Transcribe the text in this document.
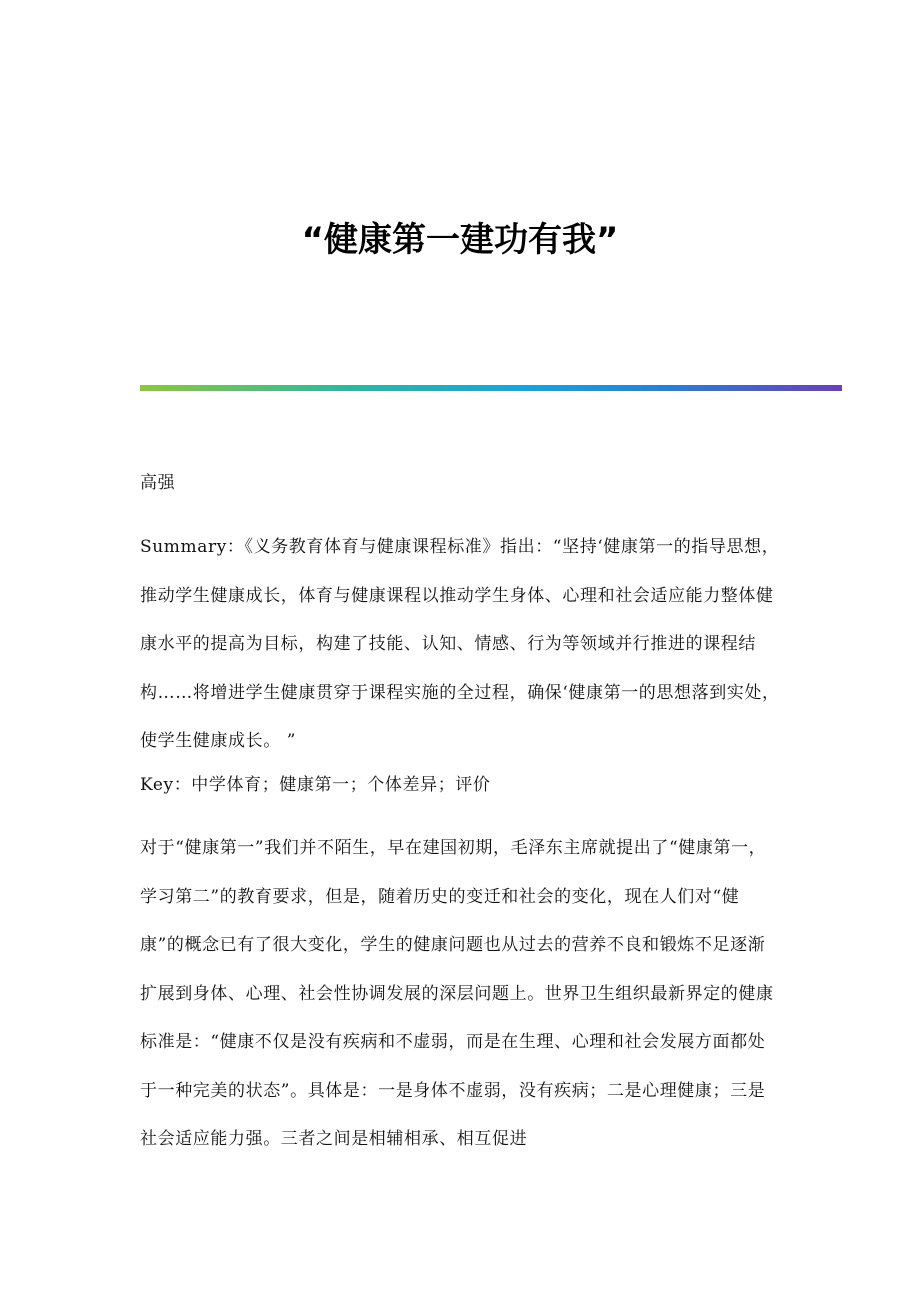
“健康第一建功有我”

高强

Summary：《义务教育体育与健康课程标准》指出：“坚持‘健康第一的指导思想，推动学生健康成长，体育与健康课程以推动学生身体、心理和社会适应能力整体健康水平的提高为目标，构建了技能、认知、情感、行为等领域并行推进的课程结构……将增进学生健康贯穿于课程实施的全过程，确保‘健康第一的思想落到实处，使学生健康成长。 ”

Key：中学体育；健康第一；个体差异；评价

对于“健康第一”我们并不陌生，早在建国初期，毛泽东主席就提出了“健康第一，学习第二”的教育要求，但是，随着历史的变迁和社会的变化，现在人们对“健康”的概念已有了很大变化，学生的健康问题也从过去的营养不良和锻炼不足逐渐扩展到身体、心理、社会性协调发展的深层问题上。世界卫生组织最新界定的健康标准是：“健康不仅是没有疾病和不虚弱，而是在生理、心理和社会发展方面都处于一种完美的状态”。具体是：一是身体不虚弱，没有疾病；二是心理健康；三是社会适应能力强。三者之间是相辅相承、相互促进
